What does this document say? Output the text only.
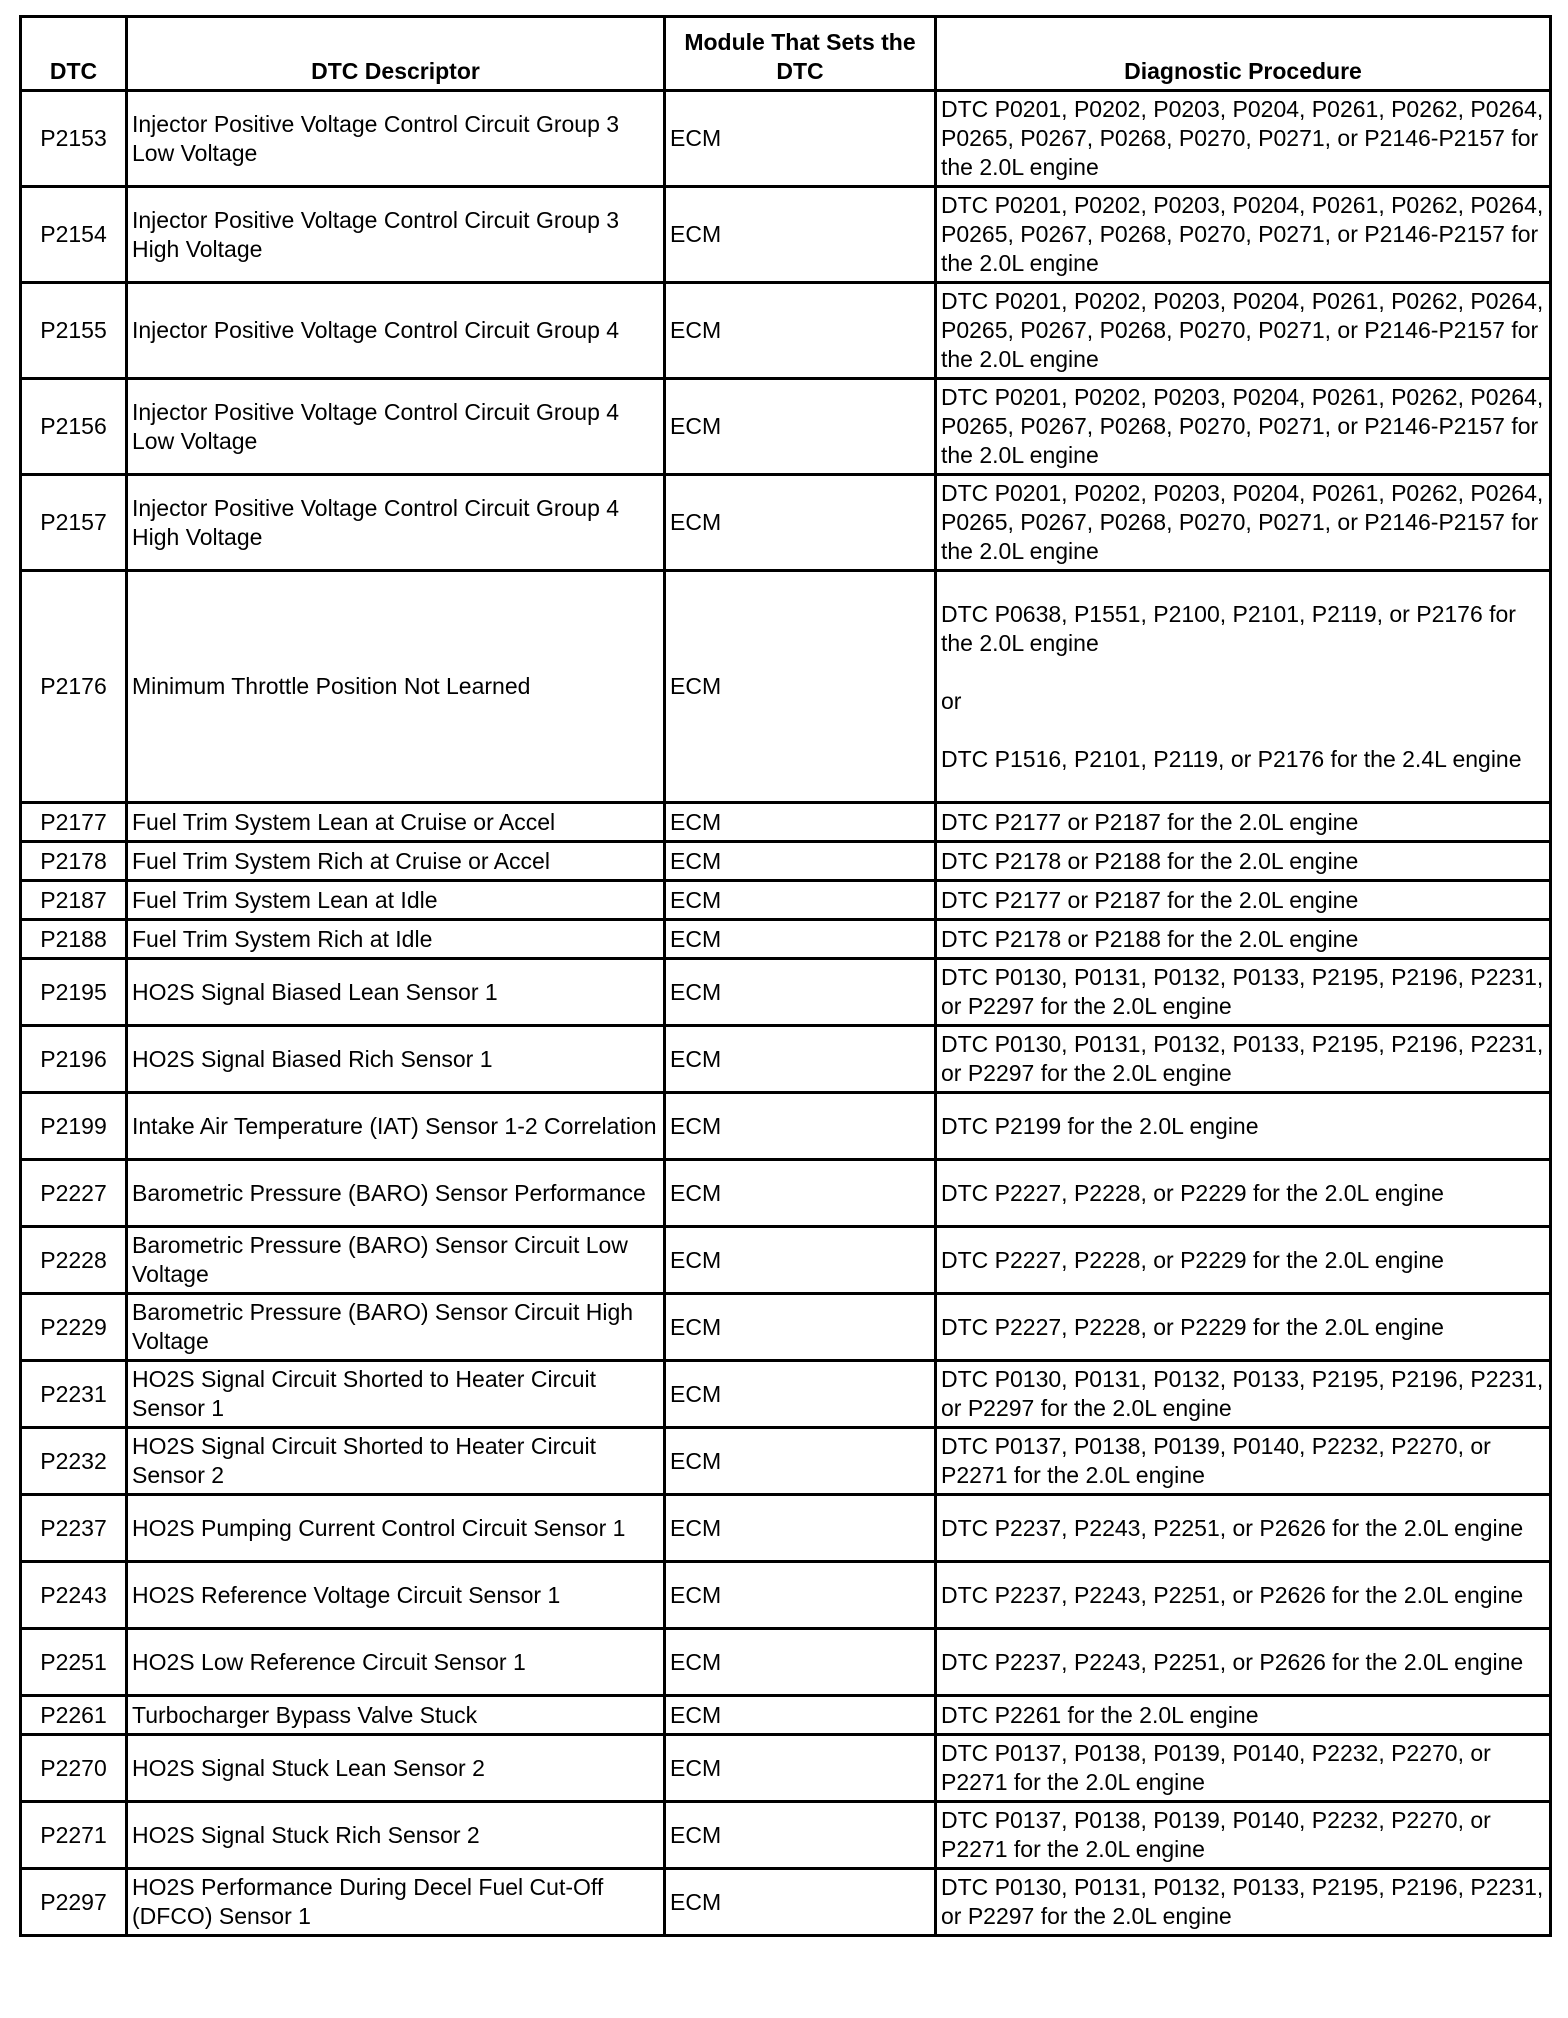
DTC	DTC Descriptor	Module That Sets the DTC	Diagnostic Procedure
P2153	Injector Positive Voltage Control Circuit Group 3 Low Voltage	ECM	DTC P0201, P0202, P0203, P0204, P0261, P0262, P0264, P0265, P0267, P0268, P0270, P0271, or P2146-P2157 for the 2.0L engine
P2154	Injector Positive Voltage Control Circuit Group 3 High Voltage	ECM	DTC P0201, P0202, P0203, P0204, P0261, P0262, P0264, P0265, P0267, P0268, P0270, P0271, or P2146-P2157 for the 2.0L engine
P2155	Injector Positive Voltage Control Circuit Group 4	ECM	DTC P0201, P0202, P0203, P0204, P0261, P0262, P0264, P0265, P0267, P0268, P0270, P0271, or P2146-P2157 for the 2.0L engine
P2156	Injector Positive Voltage Control Circuit Group 4 Low Voltage	ECM	DTC P0201, P0202, P0203, P0204, P0261, P0262, P0264, P0265, P0267, P0268, P0270, P0271, or P2146-P2157 for the 2.0L engine
P2157	Injector Positive Voltage Control Circuit Group 4 High Voltage	ECM	DTC P0201, P0202, P0203, P0204, P0261, P0262, P0264, P0265, P0267, P0268, P0270, P0271, or P2146-P2157 for the 2.0L engine
P2176	Minimum Throttle Position Not Learned	ECM	DTC P0638, P1551, P2100, P2101, P2119, or P2176 for the 2.0L engine

or

DTC P1516, P2101, P2119, or P2176 for the 2.4L engine
P2177	Fuel Trim System Lean at Cruise or Accel	ECM	DTC P2177 or P2187 for the 2.0L engine
P2178	Fuel Trim System Rich at Cruise or Accel	ECM	DTC P2178 or P2188 for the 2.0L engine
P2187	Fuel Trim System Lean at Idle	ECM	DTC P2177 or P2187 for the 2.0L engine
P2188	Fuel Trim System Rich at Idle	ECM	DTC P2178 or P2188 for the 2.0L engine
P2195	HO2S Signal Biased Lean Sensor 1	ECM	DTC P0130, P0131, P0132, P0133, P2195, P2196, P2231, or P2297 for the 2.0L engine
P2196	HO2S Signal Biased Rich Sensor 1	ECM	DTC P0130, P0131, P0132, P0133, P2195, P2196, P2231, or P2297 for the 2.0L engine
P2199	Intake Air Temperature (IAT) Sensor 1-2 Correlation	ECM	DTC P2199 for the 2.0L engine
P2227	Barometric Pressure (BARO) Sensor Performance	ECM	DTC P2227, P2228, or P2229 for the 2.0L engine
P2228	Barometric Pressure (BARO) Sensor Circuit Low Voltage	ECM	DTC P2227, P2228, or P2229 for the 2.0L engine
P2229	Barometric Pressure (BARO) Sensor Circuit High Voltage	ECM	DTC P2227, P2228, or P2229 for the 2.0L engine
P2231	HO2S Signal Circuit Shorted to Heater Circuit Sensor 1	ECM	DTC P0130, P0131, P0132, P0133, P2195, P2196, P2231, or P2297 for the 2.0L engine
P2232	HO2S Signal Circuit Shorted to Heater Circuit Sensor 2	ECM	DTC P0137, P0138, P0139, P0140, P2232, P2270, or P2271 for the 2.0L engine
P2237	HO2S Pumping Current Control Circuit Sensor 1	ECM	DTC P2237, P2243, P2251, or P2626 for the 2.0L engine
P2243	HO2S Reference Voltage Circuit Sensor 1	ECM	DTC P2237, P2243, P2251, or P2626 for the 2.0L engine
P2251	HO2S Low Reference Circuit Sensor 1	ECM	DTC P2237, P2243, P2251, or P2626 for the 2.0L engine
P2261	Turbocharger Bypass Valve Stuck	ECM	DTC P2261 for the 2.0L engine
P2270	HO2S Signal Stuck Lean Sensor 2	ECM	DTC P0137, P0138, P0139, P0140, P2232, P2270, or P2271 for the 2.0L engine
P2271	HO2S Signal Stuck Rich Sensor 2	ECM	DTC P0137, P0138, P0139, P0140, P2232, P2270, or P2271 for the 2.0L engine
P2297	HO2S Performance During Decel Fuel Cut-Off (DFCO) Sensor 1	ECM	DTC P0130, P0131, P0132, P0133, P2195, P2196, P2231, or P2297 for the 2.0L engine
